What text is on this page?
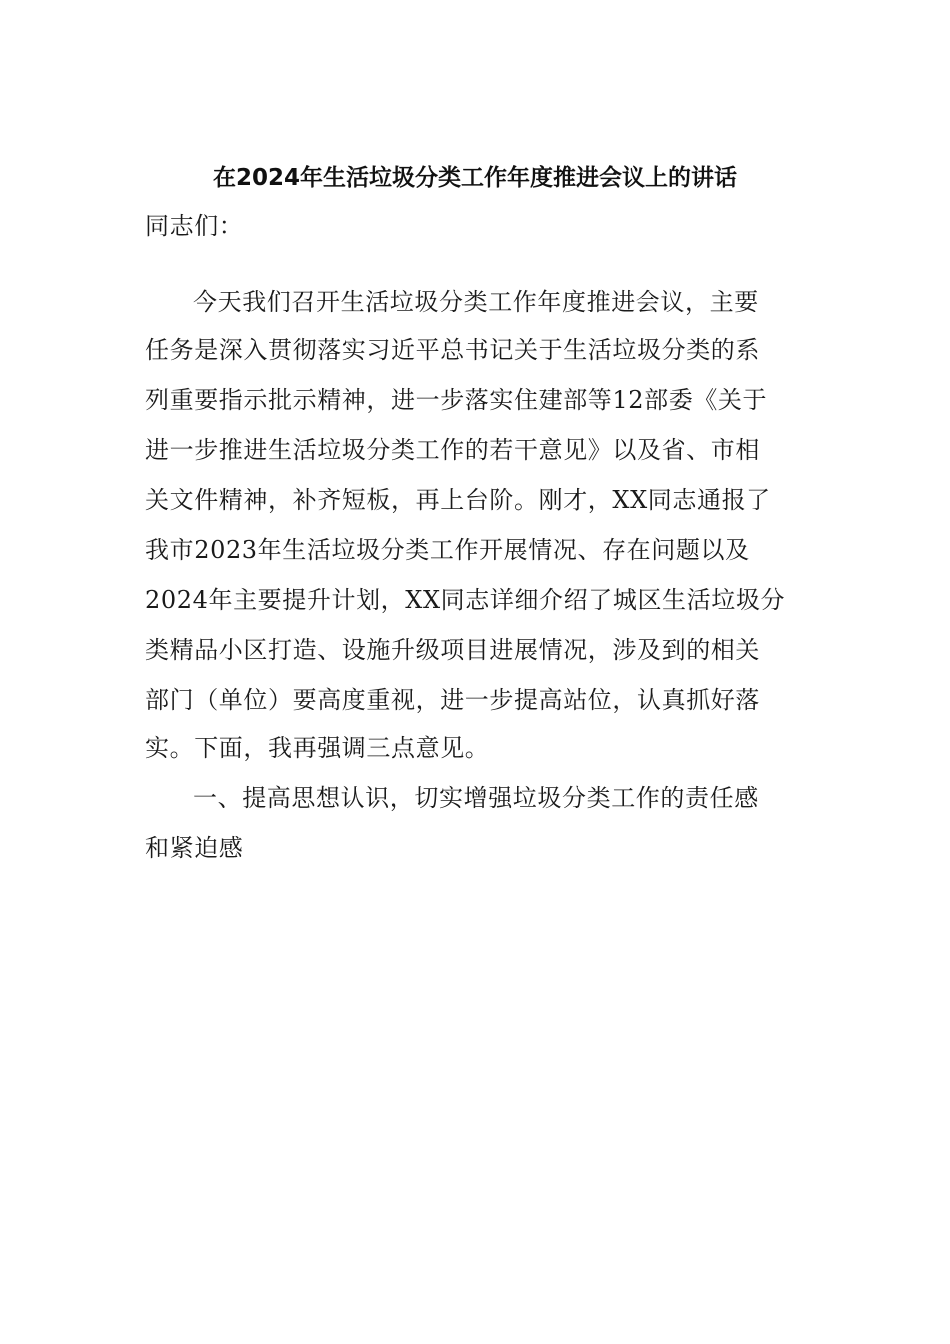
在2024年生活垃圾分类工作年度推进会议上的讲话
同志们：
今天我们召开生活垃圾分类工作年度推进会议，主要
任务是深入贯彻落实习近平总书记关于生活垃圾分类的系
列重要指示批示精神，进一步落实住建部等12部委《关于
进一步推进生活垃圾分类工作的若干意见》以及省、市相
关文件精神，补齐短板，再上台阶。刚才，XX同志通报了
我市2023年生活垃圾分类工作开展情况、存在问题以及
2024年主要提升计划，XX同志详细介绍了城区生活垃圾分
类精品小区打造、设施升级项目进展情况，涉及到的相关
部门（单位）要高度重视，进一步提高站位，认真抓好落
实。下面，我再强调三点意见。
一、提高思想认识，切实增强垃圾分类工作的责任感
和紧迫感
